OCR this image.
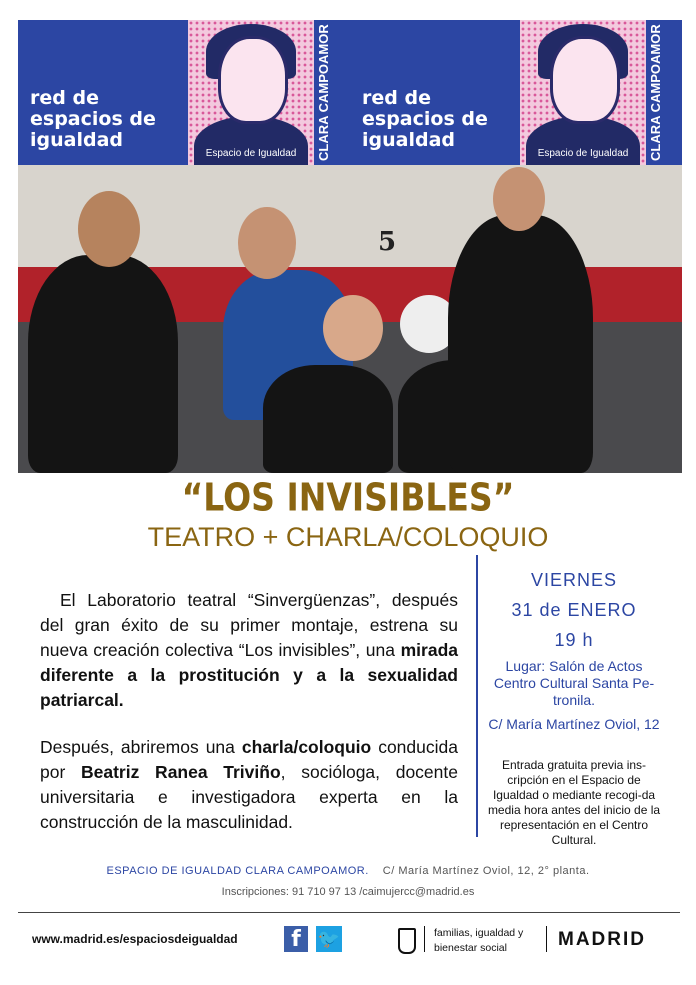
red de
espacios de
igualdad
Espacio de Igualdad	CLARA CAMPOAMOR	red de
espacios de
igualdad
Espacio de Igualdad	CLARA CAMPOAMOR
5
“LOS INVISIBLES”
TEATRO + CHARLA/COLOQUIO

El Laboratorio teatral “Sinvergüenzas”, después del gran éxito de su primer montaje, estrena su nueva creación colectiva “Los invisibles”, una mirada diferente a la prostitución y a la sexualidad patriarcal.

Después, abriremos una charla/coloquio conducida por Beatriz Ranea Triviño, socióloga, docente universitaria e investigadora experta en la construcción de la masculinidad.

VIERNES
31 de ENERO
19 h
Lugar: Salón de Actos Centro Cultural Santa Pe-tronila.
C/ María Martínez Oviol, 12
Entrada gratuita previa ins-cripción en el Espacio de Igualdad o mediante recogi-da media hora antes del inicio de la representación en el Centro Cultural.
ESPACIO DE IGUALDAD CLARA CAMPOAMOR. C/ María Martínez Oviol, 12, 2° planta.
Inscripciones: 91 710 97 13 /caimujercc@madrid.es
www.madrid.es/espaciosdeigualdad	f 🐦	familias, igualdad y
bienestar social	MADRID
